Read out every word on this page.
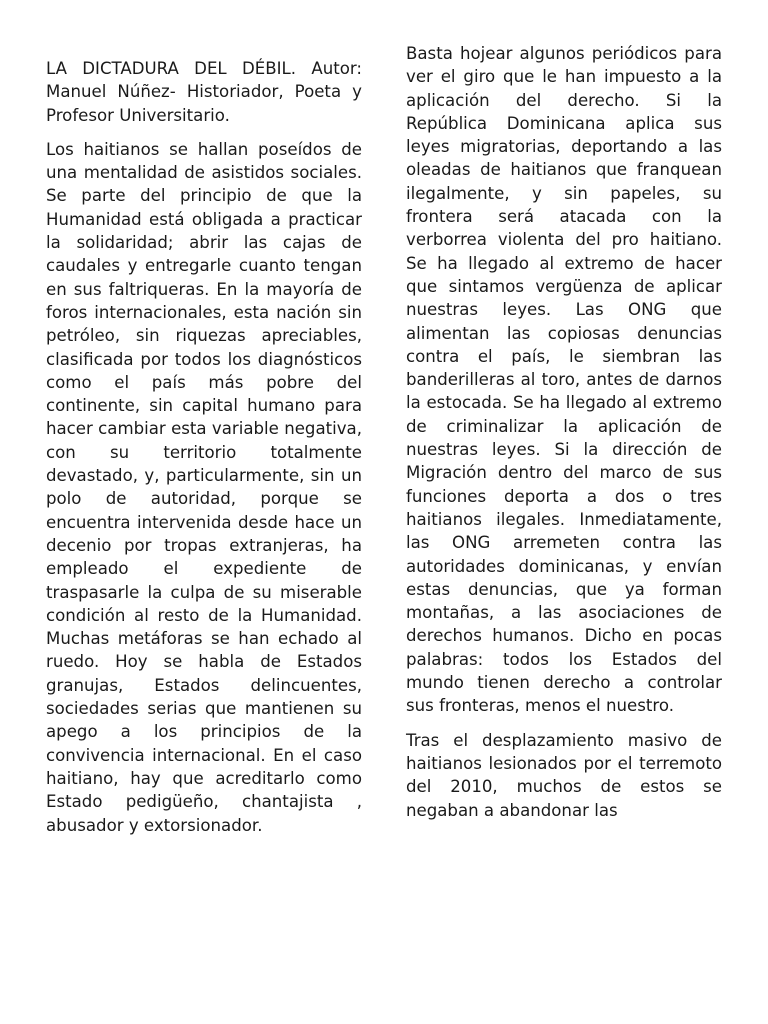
LA DICTADURA DEL DÉBIL. Autor: Manuel Núñez- Historiador, Poeta y Profesor Universitario.

Los haitianos se hallan poseídos de una mentalidad de asistidos sociales. Se parte del principio de que la Humanidad está obligada a practicar la solidaridad; abrir las cajas de caudales y entregarle cuanto tengan en sus faltriqueras. En la mayoría de foros internacionales, esta nación sin petróleo, sin riquezas apreciables, clasificada por todos los diagnósticos como el país más pobre del continente, sin capital humano para hacer cambiar esta variable negativa, con su territorio totalmente devastado, y, particularmente, sin un polo de autoridad, porque se encuentra intervenida desde hace un decenio por tropas extranjeras, ha empleado el expediente de traspasarle la culpa de su miserable condición al resto de la Humanidad. Muchas metáforas se han echado al ruedo. Hoy se habla de Estados granujas, Estados delincuentes, sociedades serias que mantienen su apego a los principios de la convivencia internacional. En el caso haitiano, hay que acreditarlo como Estado pedigüeño, chantajista , abusador y extorsionador.

Basta hojear algunos periódicos para ver el giro que le han impuesto a la aplicación del derecho. Si la República Dominicana aplica sus leyes migratorias, deportando a las oleadas de haitianos que franquean ilegalmente, y sin papeles, su frontera será atacada con la verborrea violenta del pro haitiano. Se ha llegado al extremo de hacer que sintamos vergüenza de aplicar nuestras leyes. Las ONG que alimentan las copiosas denuncias contra el país, le siembran las banderilleras al toro, antes de darnos la estocada. Se ha llegado al extremo de criminalizar la aplicación de nuestras leyes. Si la dirección de Migración dentro del marco de sus funciones deporta a dos o tres haitianos ilegales. Inmediatamente, las ONG arremeten contra las autoridades dominicanas, y envían estas denuncias, que ya forman montañas, a las asociaciones de derechos humanos. Dicho en pocas palabras: todos los Estados del mundo tienen derecho a controlar sus fronteras, menos el nuestro.

Tras el desplazamiento masivo de haitianos lesionados por el terremoto del 2010, muchos de estos se negaban a abandonar las
